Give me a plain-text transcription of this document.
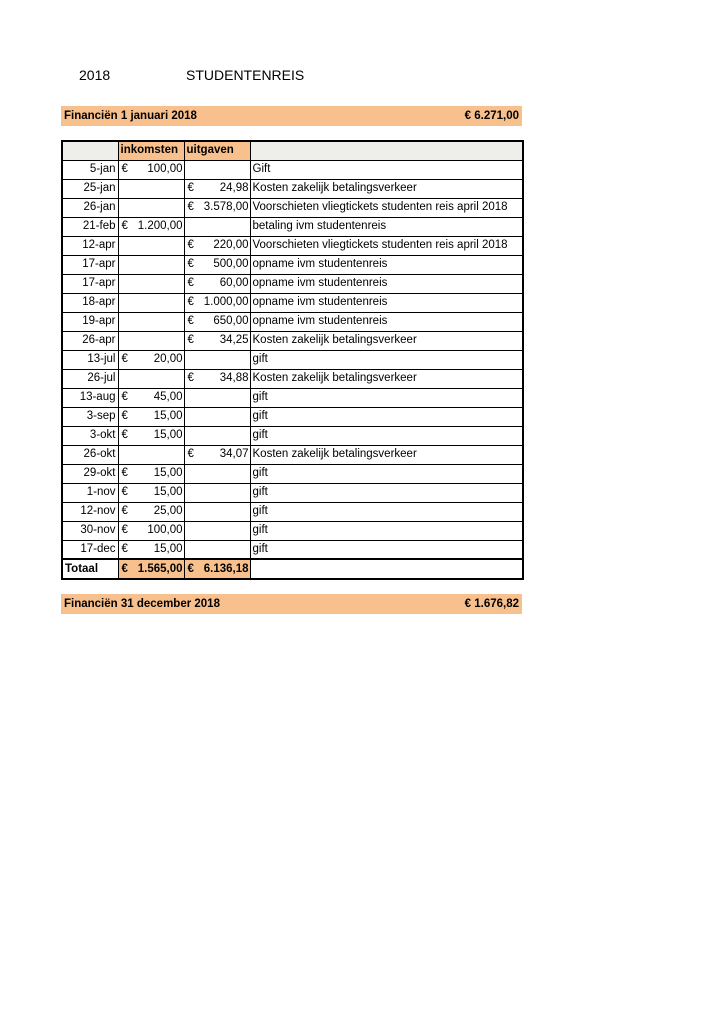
2018	STUDENTENREIS
Financiën 1 januari 2018	€ 6.271,00
	inkomsten	uitgaven	
5-jan	€ 100,00		Gift
25-jan		€ 24,98	Kosten zakelijk betalingsverkeer
26-jan		€ 3.578,00	Voorschieten vliegtickets studenten reis april 2018
21-feb	€ 1.200,00		betaling ivm studentenreis
12-apr		€ 220,00	Voorschieten vliegtickets studenten reis april 2018
17-apr		€ 500,00	opname ivm studentenreis
17-apr		€ 60,00	opname ivm studentenreis
18-apr		€ 1.000,00	opname ivm studentenreis
19-apr		€ 650,00	opname ivm studentenreis
26-apr		€ 34,25	Kosten zakelijk betalingsverkeer
13-jul	€ 20,00		gift
26-jul		€ 34,88	Kosten zakelijk betalingsverkeer
13-aug	€ 45,00		gift
3-sep	€ 15,00		gift
3-okt	€ 15,00		gift
26-okt		€ 34,07	Kosten zakelijk betalingsverkeer
29-okt	€ 15,00		gift
1-nov	€ 15,00		gift
12-nov	€ 25,00		gift
30-nov	€ 100,00		gift
17-dec	€ 15,00		gift
Totaal	€ 1.565,00	€ 6.136,18	

Financiën 31 december 2018	€ 1.676,82
